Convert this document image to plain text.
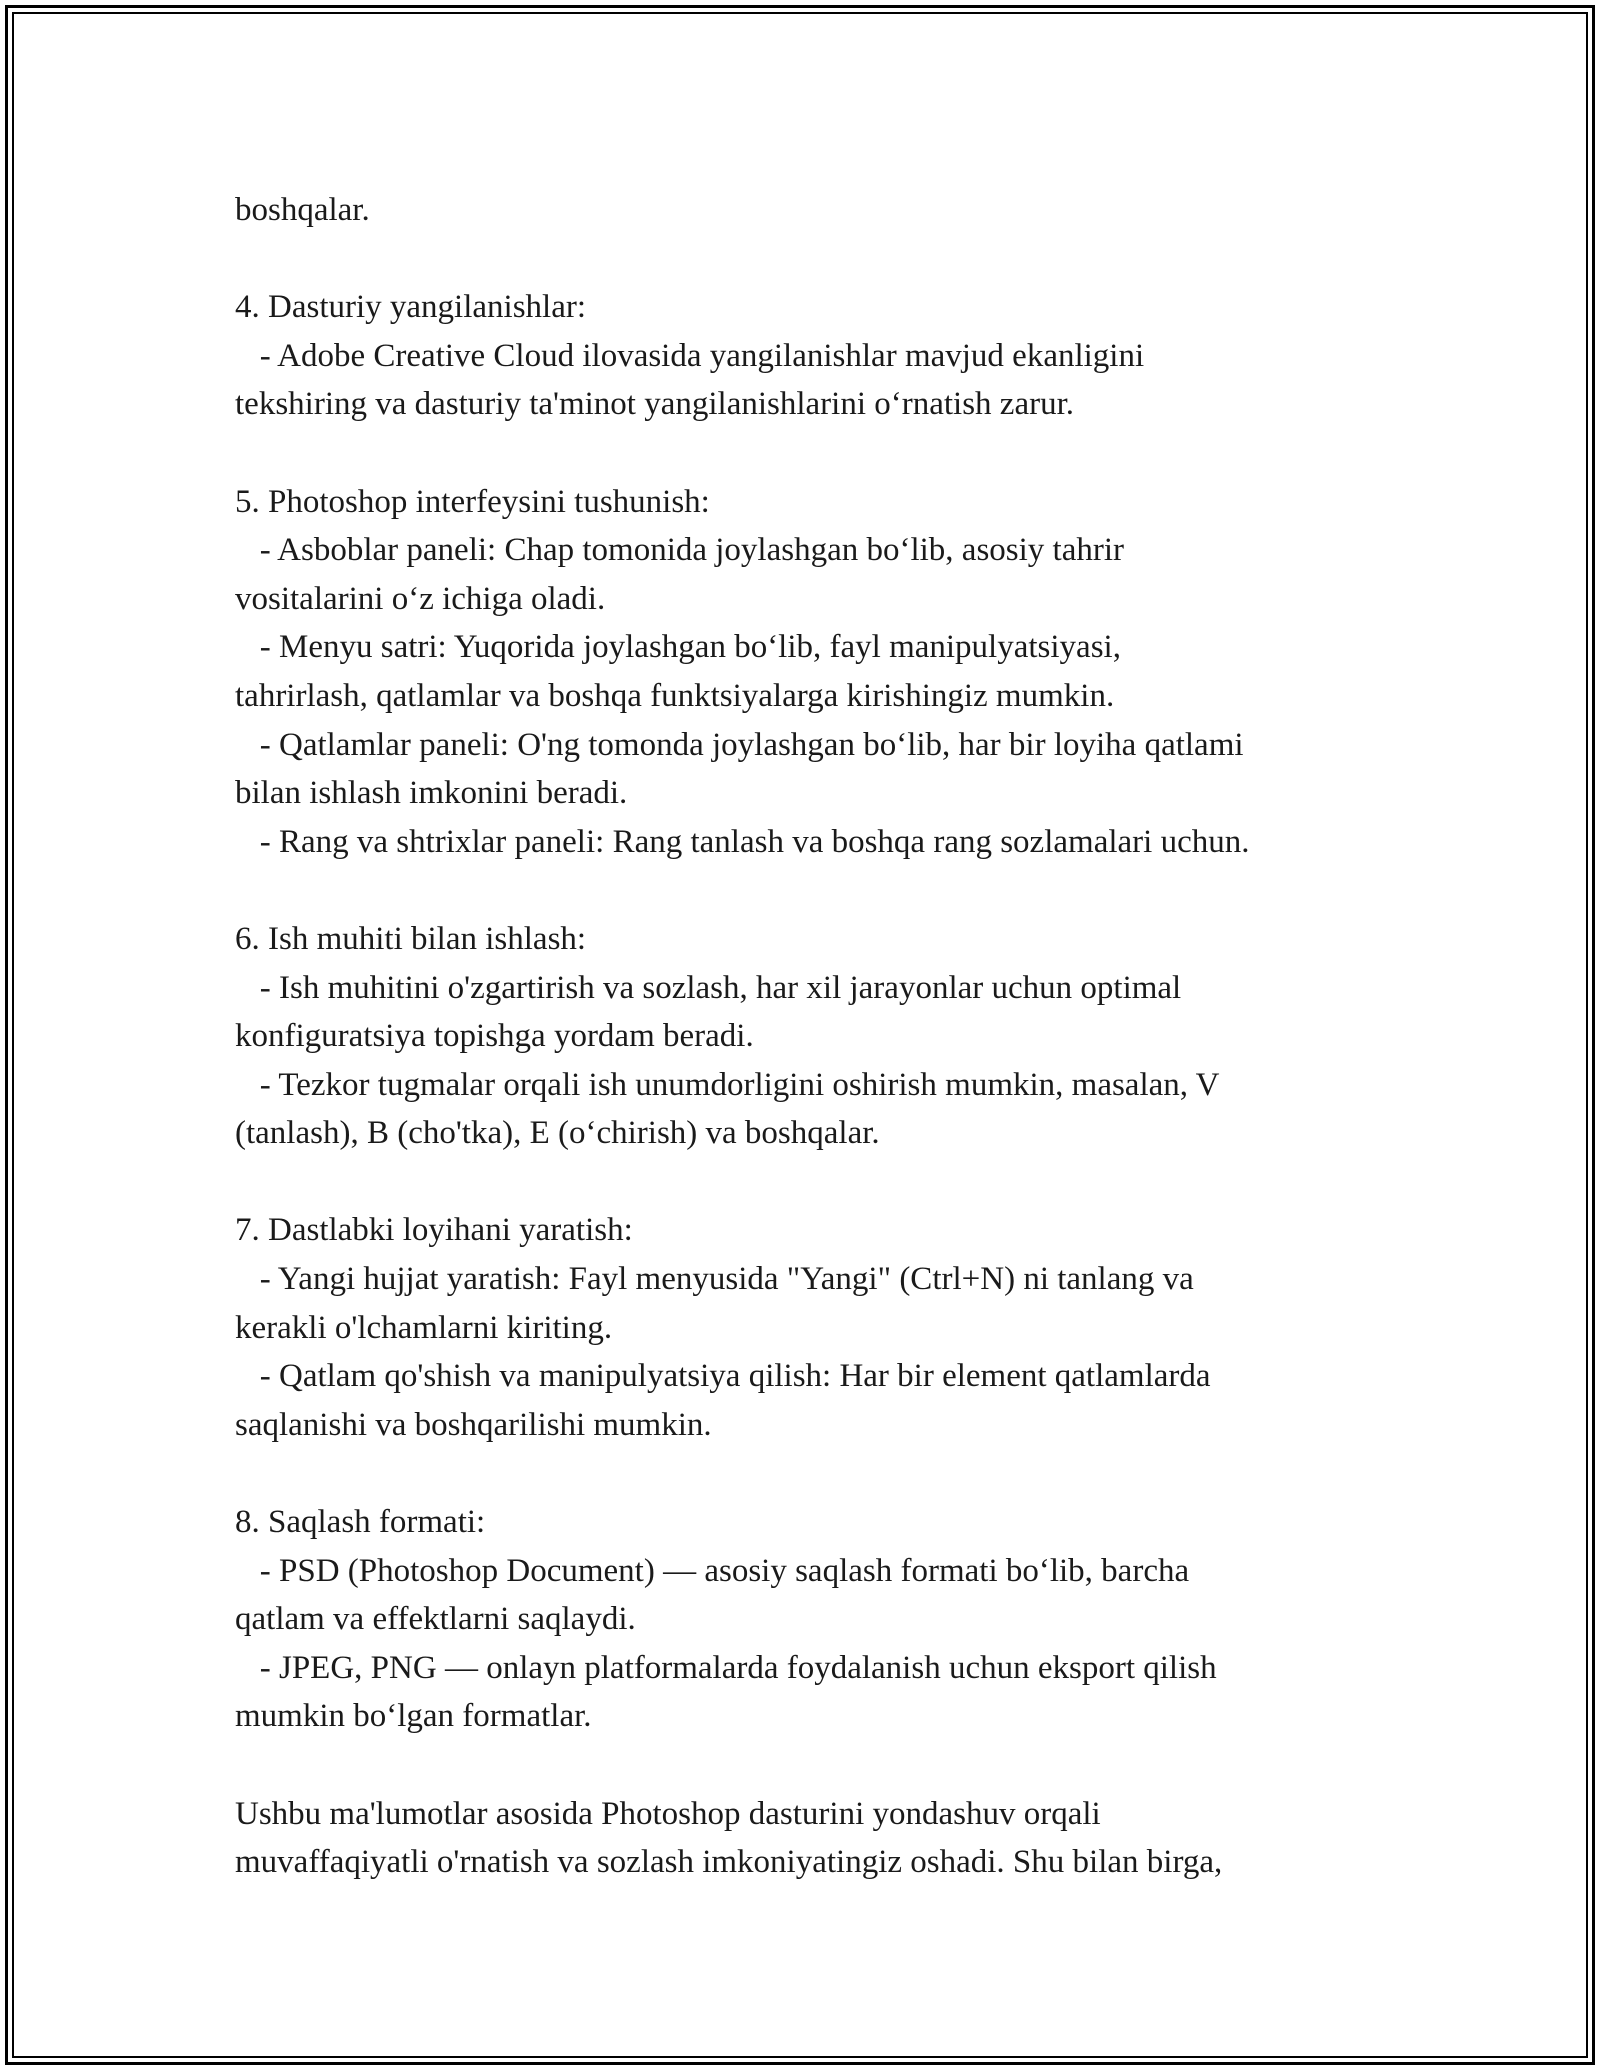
boshqalar.
4. Dasturiy yangilanishlar:
- Adobe Creative Cloud ilovasida yangilanishlar mavjud ekanligini
tekshiring va dasturiy ta'minot yangilanishlarini o‘rnatish zarur.
5. Photoshop interfeysini tushunish:
- Asboblar paneli: Chap tomonida joylashgan bo‘lib, asosiy tahrir
vositalarini o‘z ichiga oladi.
- Menyu satri: Yuqorida joylashgan bo‘lib, fayl manipulyatsiyasi,
tahrirlash, qatlamlar va boshqa funktsiyalarga kirishingiz mumkin.
- Qatlamlar paneli: O'ng tomonda joylashgan bo‘lib, har bir loyiha qatlami
bilan ishlash imkonini beradi.
- Rang va shtrixlar paneli: Rang tanlash va boshqa rang sozlamalari uchun.
6. Ish muhiti bilan ishlash:
- Ish muhitini o'zgartirish va sozlash, har xil jarayonlar uchun optimal
konfiguratsiya topishga yordam beradi.
- Tezkor tugmalar orqali ish unumdorligini oshirish mumkin, masalan, V
(tanlash), B (cho'tka), E (o‘chirish) va boshqalar.
7. Dastlabki loyihani yaratish:
- Yangi hujjat yaratish: Fayl menyusida "Yangi" (Ctrl+N) ni tanlang va
kerakli o'lchamlarni kiriting.
- Qatlam qo'shish va manipulyatsiya qilish: Har bir element qatlamlarda
saqlanishi va boshqarilishi mumkin.
8. Saqlash formati:
- PSD (Photoshop Document) — asosiy saqlash formati bo‘lib, barcha
qatlam va effektlarni saqlaydi.
- JPEG, PNG — onlayn platformalarda foydalanish uchun eksport qilish
mumkin bo‘lgan formatlar.
Ushbu ma'lumotlar asosida Photoshop dasturini yondashuv orqali
muvaffaqiyatli o'rnatish va sozlash imkoniyatingiz oshadi. Shu bilan birga,
